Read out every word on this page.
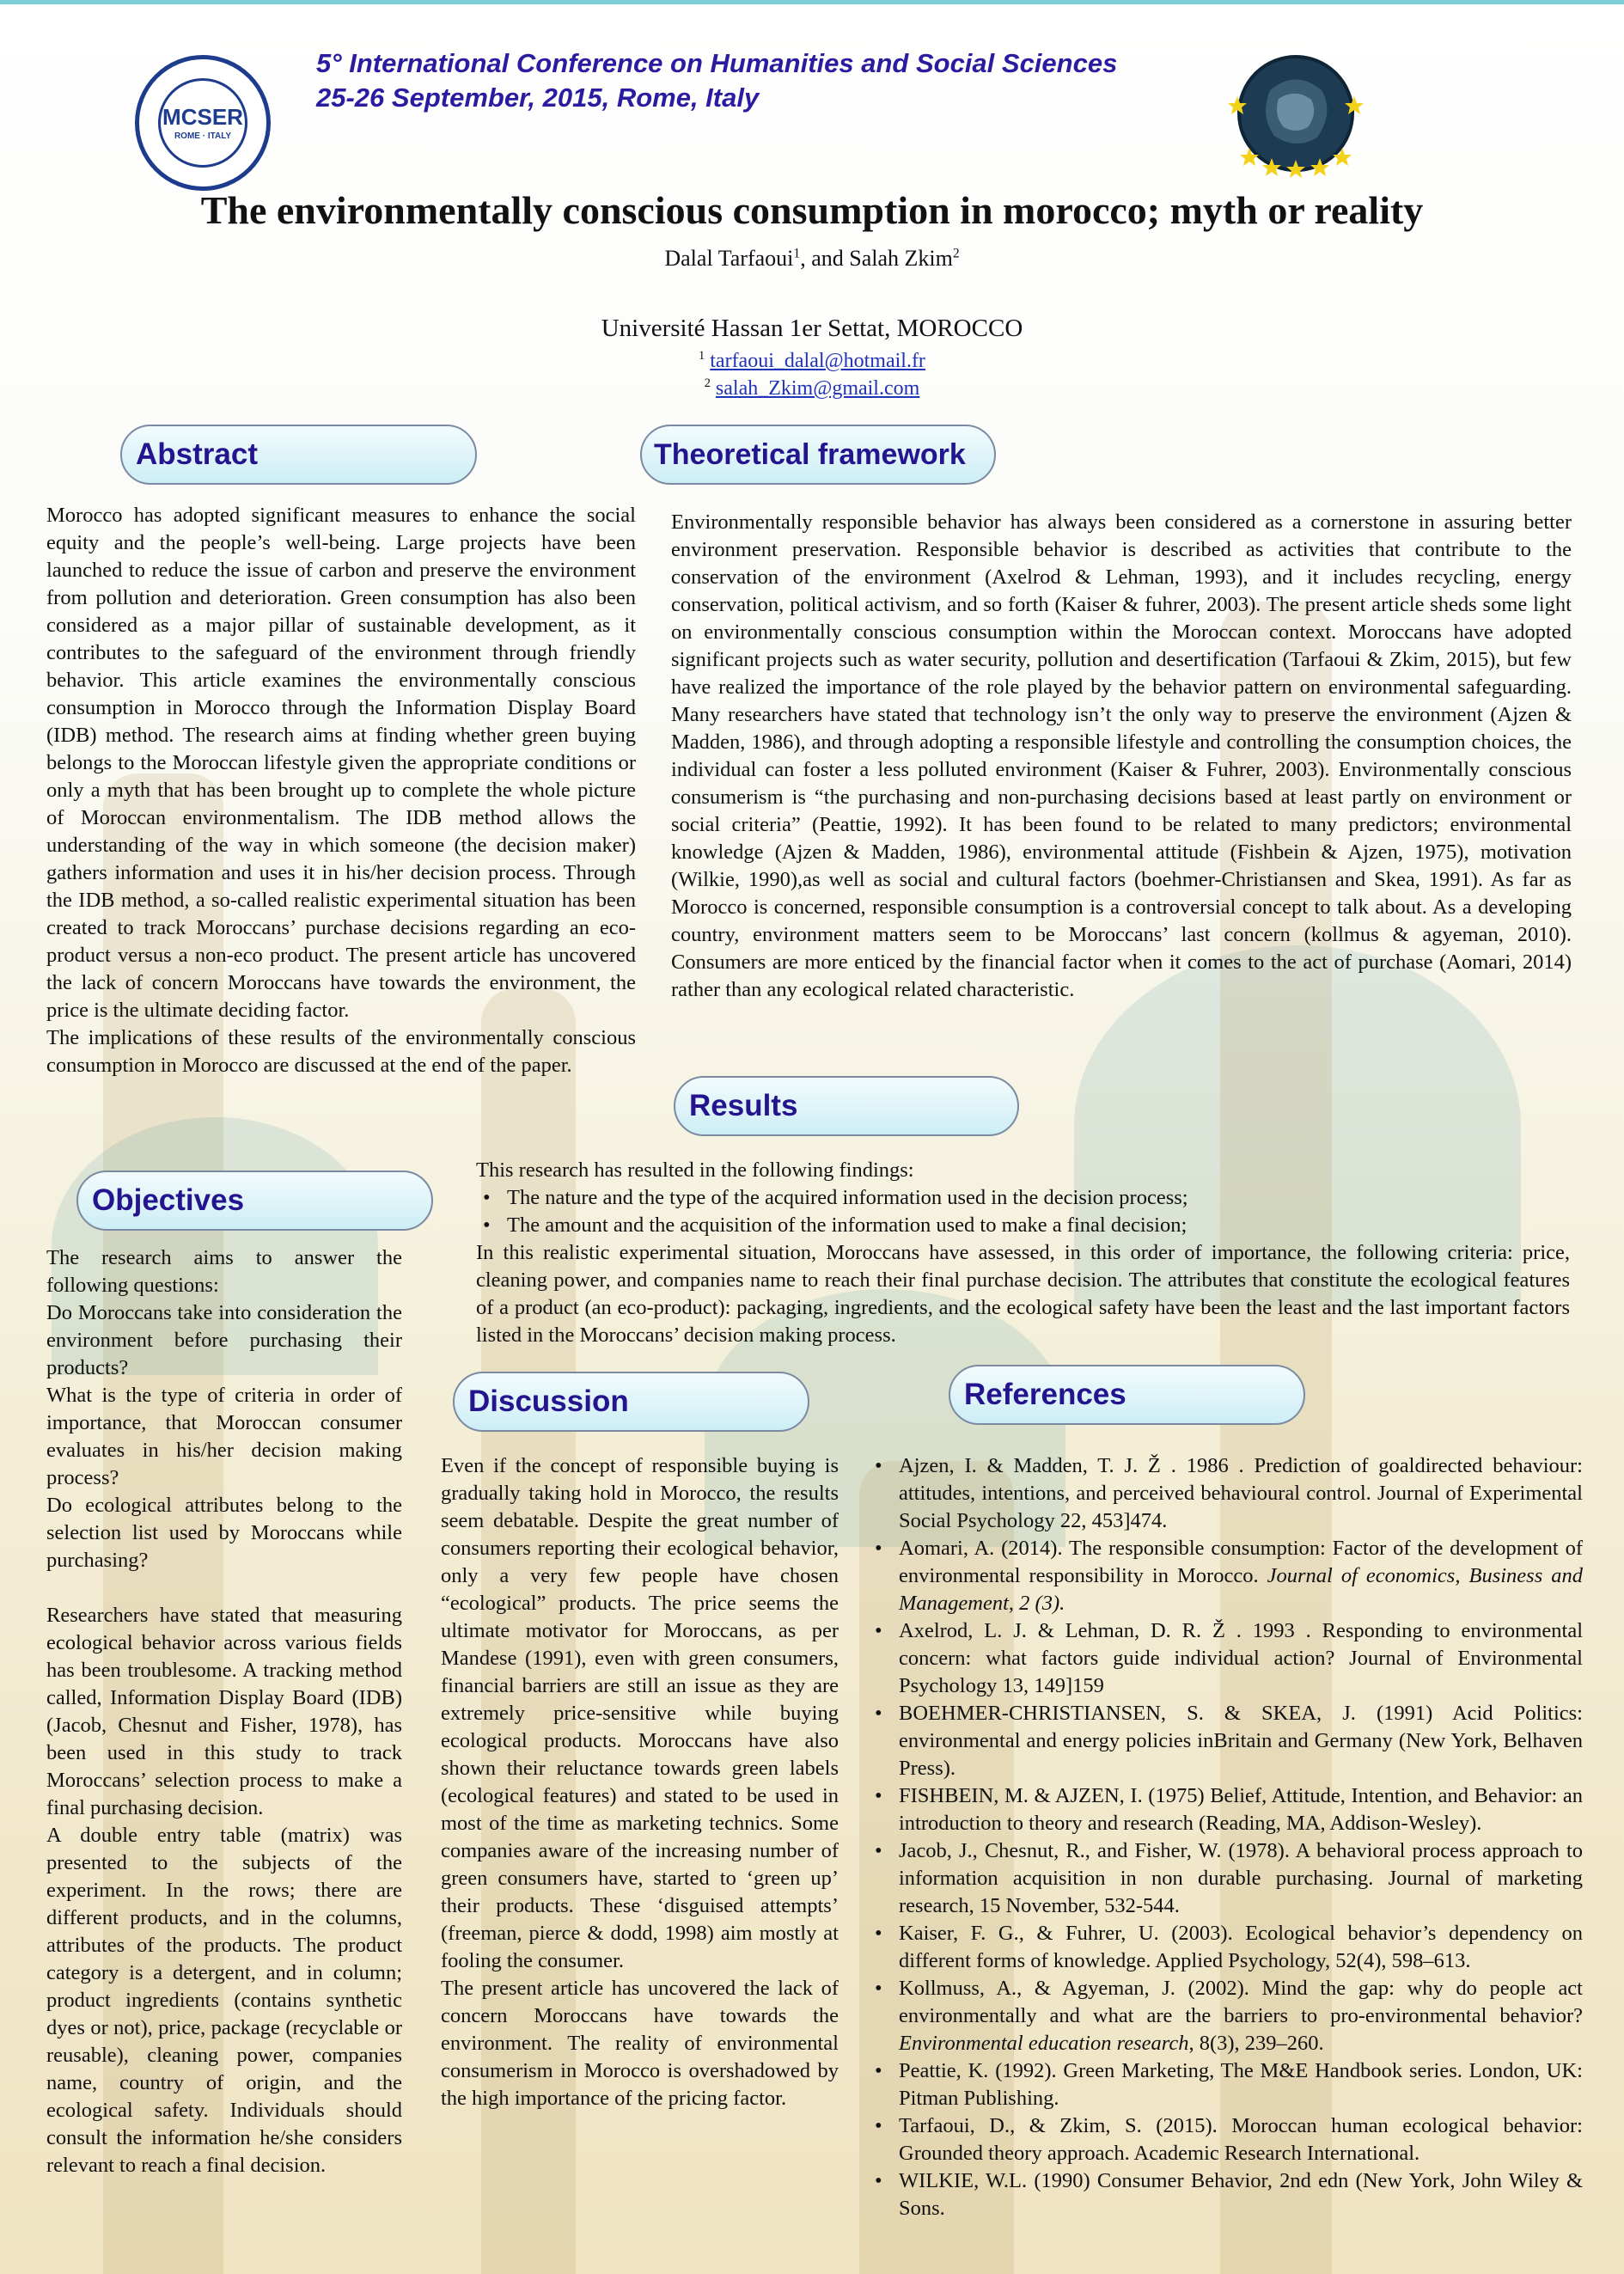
MCSER
ROME · ITALY
5° International Conference on Humanities and Social Sciences
25-26 September, 2015, Rome, Italy
The environmentally conscious consumption in morocco; myth or reality
Dalal Tarfaoui$^1$, and Salah Zkim$^2$
Université Hassan 1er Settat, MOROCCO
$^1$ tarfaoui_dalal@hotmail.fr
$^2$ salah_Zkim@gmail.com
Abstract

Morocco has adopted significant measures to enhance the social equity and the people’s well-being. Large projects have been launched to reduce the issue of carbon and preserve the environment from pollution and deterioration. Green consumption has also been considered as a major pillar of sustainable development, as it contributes to the safeguard of the environment through friendly behavior. This article examines the environmentally conscious consumption in Morocco through the Information Display Board (IDB) method. The research aims at finding whether green buying belongs to the Moroccan lifestyle given the appropriate conditions or only a myth that has been brought up to complete the whole picture of Moroccan environmentalism. The IDB method allows the understanding of the way in which someone (the decision maker) gathers information and uses it in his/her decision process. Through the IDB method, a so-called realistic experimental situation has been created to track Moroccans’ purchase decisions regarding an eco-product versus a non-eco product. The present article has uncovered the lack of concern Moroccans have towards the environment, the price is the ultimate deciding factor.

The implications of these results of the environmentally conscious consumption in Morocco are discussed at the end of the paper.

Theoretical framework

Environmentally responsible behavior has always been considered as a cornerstone in assuring better environment preservation. Responsible behavior is described as activities that contribute to the conservation of the environment (Axelrod & Lehman, 1993), and it includes recycling, energy conservation, political activism, and so forth (Kaiser & fuhrer, 2003). The present article sheds some light on environmentally conscious consumption within the Moroccan context. Moroccans have adopted significant projects such as water security, pollution and desertification (Tarfaoui & Zkim, 2015), but few have realized the importance of the role played by the behavior pattern on environmental safeguarding. Many researchers have stated that technology isn’t the only way to preserve the environment (Ajzen & Madden, 1986), and through adopting a responsible lifestyle and controlling the consumption choices, the individual can foster a less polluted environment (Kaiser & Fuhrer, 2003). Environmentally conscious consumerism is “the purchasing and non-purchasing decisions based at least partly on environment or social criteria” (Peattie, 1992). It has been found to be related to many predictors; environmental knowledge (Ajzen & Madden, 1986), environmental attitude (Fishbein & Ajzen, 1975), motivation (Wilkie, 1990),as well as social and cultural factors (boehmer-Christiansen and Skea, 1991). As far as Morocco is concerned, responsible consumption is a controversial concept to talk about. As a developing country, environment matters seem to be Moroccans’ last concern (kollmus & agyeman, 2010). Consumers are more enticed by the financial factor when it comes to the act of purchase (Aomari, 2014) rather than any ecological related characteristic.

Results

This research has resulted in the following findings:

• The nature and the type of the acquired information used in the decision process;
• The amount and the acquisition of the information used to make a final decision;

In this realistic experimental situation, Moroccans have assessed, in this order of importance, the following criteria: price, cleaning power, and companies name to reach their final purchase decision. The attributes that constitute the ecological features of a product (an eco-product): packaging, ingredients, and the ecological safety have been the least and the last important factors listed in the Moroccans’ decision making process.

Objectives

The research aims to answer the following questions:

Do Moroccans take into consideration the environment before purchasing their products?

What is the type of criteria in order of importance, that Moroccan consumer evaluates in his/her decision making process?

Do ecological attributes belong to the selection list used by Moroccans while purchasing?

Researchers have stated that measuring ecological behavior across various fields has been troublesome. A tracking method called, Information Display Board (IDB) (Jacob, Chesnut and Fisher, 1978), has been used in this study to track Moroccans’ selection process to make a final purchasing decision.

A double entry table (matrix) was presented to the subjects of the experiment. In the rows; there are different products, and in the columns, attributes of the products. The product category is a detergent, and in column; product ingredients (contains synthetic dyes or not), price, package (recyclable or reusable), cleaning power, companies name, country of origin, and the ecological safety. Individuals should consult the information he/she considers relevant to reach a final decision.

Discussion

Even if the concept of responsible buying is gradually taking hold in Morocco, the results seem debatable. Despite the great number of consumers reporting their ecological behavior, only a very few people have chosen “ecological” products. The price seems the ultimate motivator for Moroccans, as per Mandese (1991), even with green consumers, financial barriers are still an issue as they are extremely price-sensitive while buying ecological products. Moroccans have also shown their reluctance towards green labels (ecological features) and stated to be used in most of the time as marketing technics. Some companies aware of the increasing number of green consumers have, started to ‘green up’ their products. These ‘disguised attempts’ (freeman, pierce & dodd, 1998) aim mostly at fooling the consumer.

The present article has uncovered the lack of concern Moroccans have towards the environment. The reality of environmental consumerism in Morocco is overshadowed by the high importance of the pricing factor.

References
• Ajzen, I. & Madden, T. J. Ž . 1986 . Prediction of goaldirected behaviour: attitudes, intentions, and perceived behavioural control. Journal of Experimental Social Psychology 22, 453]474.
• Aomari, A. (2014). The responsible consumption: Factor of the development of environmental responsibility in Morocco. Journal of economics, Business and Management, 2 (3).
• Axelrod, L. J. & Lehman, D. R. Ž . 1993 . Responding to environmental concern: what factors guide individual action? Journal of Environmental Psychology 13, 149]159
• BOEHMER-CHRISTIANSEN, S. & SKEA, J. (1991) Acid Politics: environmental and energy policies inBritain and Germany (New York, Belhaven Press).
• FISHBEIN, M. & AJZEN, I. (1975) Belief, Attitude, Intention, and Behavior: an introduction to theory and research (Reading, MA, Addison-Wesley).
• Jacob, J., Chesnut, R., and Fisher, W. (1978). A behavioral process approach to information acquisition in non durable purchasing. Journal of marketing research, 15 November, 532-544.
• Kaiser, F. G., & Fuhrer, U. (2003). Ecological behavior’s dependency on different forms of knowledge. Applied Psychology, 52(4), 598–613.
• Kollmuss, A., & Agyeman, J. (2002). Mind the gap: why do people act environmentally and what are the barriers to pro-environmental behavior? Environmental education research, 8(3), 239–260.
• Peattie, K. (1992). Green Marketing, The M&E Handbook series. London, UK: Pitman Publishing.
• Tarfaoui, D., & Zkim, S. (2015). Moroccan human ecological behavior: Grounded theory approach. Academic Research International.
• WILKIE, W.L. (1990) Consumer Behavior, 2nd edn (New York, John Wiley & Sons.
